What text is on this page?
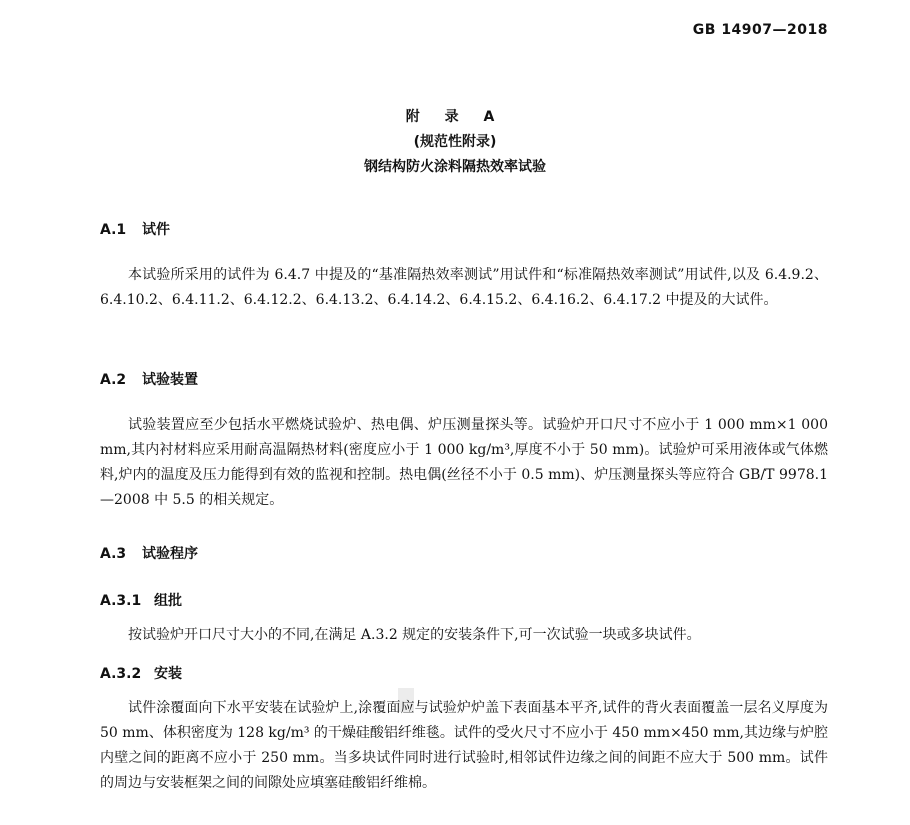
GB 14907—2018
附 录 A
(规范性附录)
钢结构防火涂料隔热效率试验
A.1 试件
本试验所采用的试件为 6.4.7 中提及的“基准隔热效率测试”用试件和“标准隔热效率测试”用试件,以及 6.4.9.2、6.4.10.2、6.4.11.2、6.4.12.2、6.4.13.2、6.4.14.2、6.4.15.2、6.4.16.2、6.4.17.2 中提及的大试件。
A.2 试验装置
试验装置应至少包括水平燃烧试验炉、热电偶、炉压测量探头等。试验炉开口尺寸不应小于 1 000 mm×1 000 mm,其内衬材料应采用耐高温隔热材料(密度应小于 1 000 kg/m³,厚度不小于 50 mm)。试验炉可采用液体或气体燃料,炉内的温度及压力能得到有效的监视和控制。热电偶(丝径不小于 0.5 mm)、炉压测量探头等应符合 GB/T 9978.1—2008 中 5.5 的相关规定。
A.3 试验程序
A.3.1 组批
按试验炉开口尺寸大小的不同,在满足 A.3.2 规定的安装条件下,可一次试验一块或多块试件。
A.3.2 安装
试件涂覆面向下水平安装在试验炉上,涂覆面应与试验炉炉盖下表面基本平齐,试件的背火表面覆盖一层名义厚度为 50 mm、体积密度为 128 kg/m³ 的干燥硅酸铝纤维毯。试件的受火尺寸不应小于 450 mm×450 mm,其边缘与炉腔内壁之间的距离不应小于 250 mm。当多块试件同时进行试验时,相邻试件边缘之间的间距不应大于 500 mm。试件的周边与安装框架之间的间隙处应填塞硅酸铝纤维棉。
